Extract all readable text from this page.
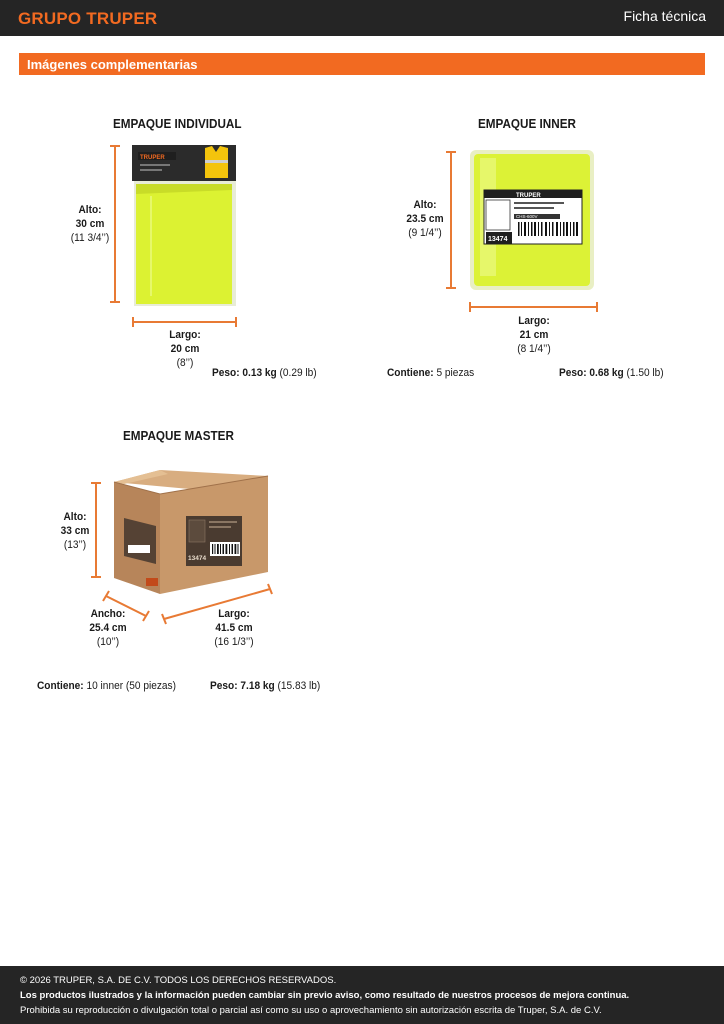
GRUPO TRUPER	Ficha técnica
Imágenes complementarias
TRUPER
TRUPER
CHS-600V
13474
13474
EMPAQUE INDIVIDUAL
Alto:
30 cm
(11 3/4’’)
Largo:
20 cm
(8’’)
Peso: 0.13 kg (0.29 lb)
EMPAQUE INNER
Alto:
23.5 cm
(9 1/4’’)
Largo:
21 cm
(8 1/4’’)
Contiene: 5 piezas	Peso: 0.68 kg (1.50 lb)
EMPAQUE MASTER
Alto:
33 cm
(13’’)
Ancho:
25.4 cm
(10’’)
Largo:
41.5 cm
(16 1/3’’)
Contiene: 10 inner (50 piezas)	Peso: 7.18 kg (15.83 lb)
© 2026 TRUPER, S.A. DE C.V. TODOS LOS DERECHOS RESERVADOS.
Los productos ilustrados y la información pueden cambiar sin previo aviso, como resultado de nuestros procesos de mejora continua.
Prohibida su reproducción o divulgación total o parcial así como su uso o aprovechamiento sin autorización escrita de Truper, S.A. de C.V.
